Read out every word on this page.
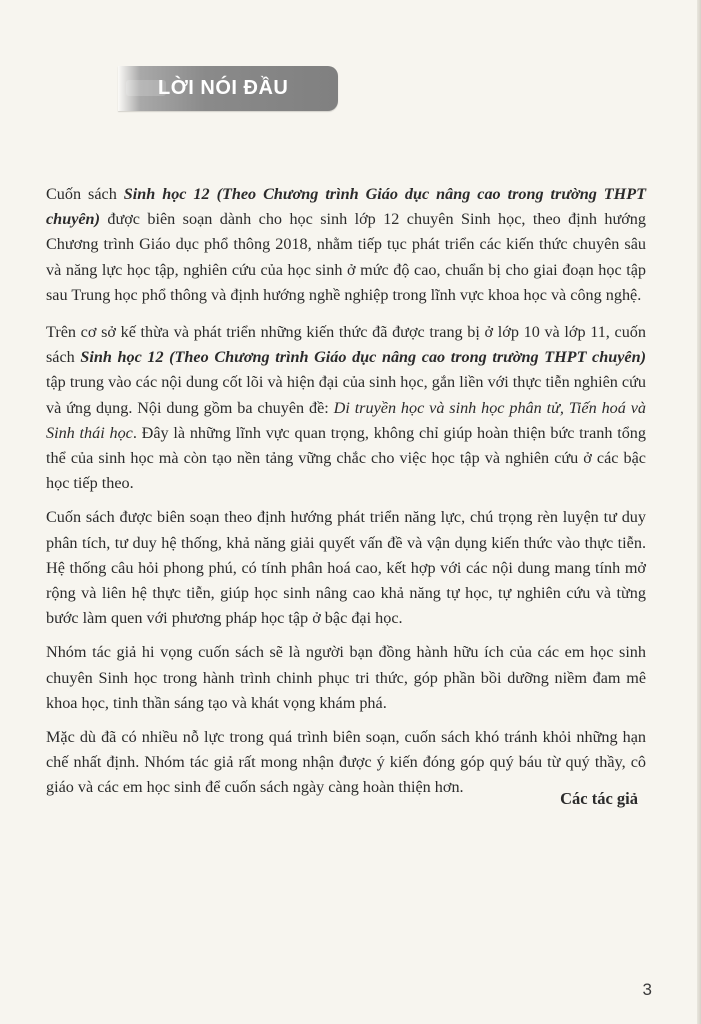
LỜI NÓI ĐẦU

Cuốn sách Sinh học 12 (Theo Chương trình Giáo dục nâng cao trong trường THPT chuyên) được biên soạn dành cho học sinh lớp 12 chuyên Sinh học, theo định hướng Chương trình Giáo dục phổ thông 2018, nhằm tiếp tục phát triển các kiến thức chuyên sâu và năng lực học tập, nghiên cứu của học sinh ở mức độ cao, chuẩn bị cho giai đoạn học tập sau Trung học phổ thông và định hướng nghề nghiệp trong lĩnh vực khoa học và công nghệ.

Trên cơ sở kế thừa và phát triển những kiến thức đã được trang bị ở lớp 10 và lớp 11, cuốn sách Sinh học 12 (Theo Chương trình Giáo dục nâng cao trong trường THPT chuyên) tập trung vào các nội dung cốt lõi và hiện đại của sinh học, gắn liền với thực tiễn nghiên cứu và ứng dụng. Nội dung gồm ba chuyên đề: Di truyền học và sinh học phân tử, Tiến hoá và Sinh thái học. Đây là những lĩnh vực quan trọng, không chỉ giúp hoàn thiện bức tranh tổng thể của sinh học mà còn tạo nền tảng vững chắc cho việc học tập và nghiên cứu ở các bậc học tiếp theo.

Cuốn sách được biên soạn theo định hướng phát triển năng lực, chú trọng rèn luyện tư duy phân tích, tư duy hệ thống, khả năng giải quyết vấn đề và vận dụng kiến thức vào thực tiễn. Hệ thống câu hỏi phong phú, có tính phân hoá cao, kết hợp với các nội dung mang tính mở rộng và liên hệ thực tiễn, giúp học sinh nâng cao khả năng tự học, tự nghiên cứu và từng bước làm quen với phương pháp học tập ở bậc đại học.

Nhóm tác giả hi vọng cuốn sách sẽ là người bạn đồng hành hữu ích của các em học sinh chuyên Sinh học trong hành trình chinh phục tri thức, góp phần bồi dưỡng niềm đam mê khoa học, tinh thần sáng tạo và khát vọng khám phá.

Mặc dù đã có nhiều nỗ lực trong quá trình biên soạn, cuốn sách khó tránh khỏi những hạn chế nhất định. Nhóm tác giả rất mong nhận được ý kiến đóng góp quý báu từ quý thầy, cô giáo và các em học sinh để cuốn sách ngày càng hoàn thiện hơn.

Các tác giả
3
